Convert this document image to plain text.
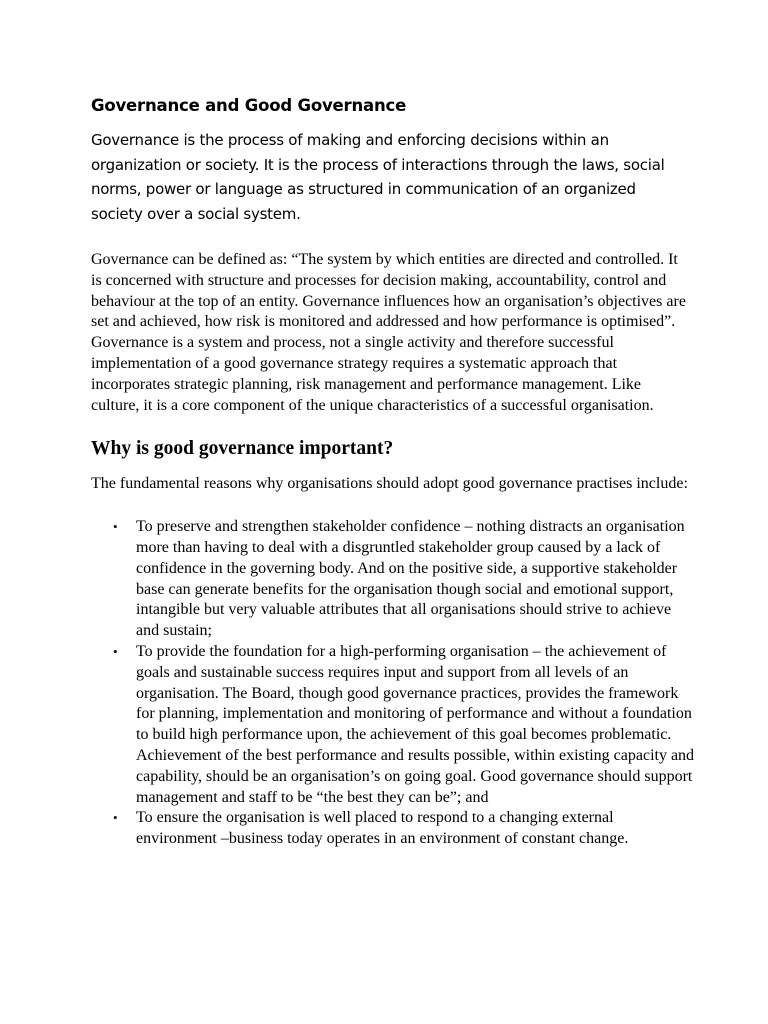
Governance and Good Governance

Governance is the process of making and enforcing decisions within an organization or society. It is the process of interactions through the laws, social norms, power or language as structured in communication of an organized society over a social system.

Governance can be defined as: “The system by which entities are directed and controlled. It is concerned with structure and processes for decision making, accountability, control and behaviour at the top of an entity. Governance influences how an organisation’s objectives are set and achieved, how risk is monitored and addressed and how performance is optimised”. Governance is a system and process, not a single activity and therefore successful implementation of a good governance strategy requires a systematic approach that incorporates strategic planning, risk management and performance management. Like culture, it is a core component of the unique characteristics of a successful organisation.

Why is good governance important?

The fundamental reasons why organisations should adopt good governance practises include:

• To preserve and strengthen stakeholder confidence – nothing distracts an organisation more than having to deal with a disgruntled stakeholder group caused by a lack of confidence in the governing body. And on the positive side, a supportive stakeholder base can generate benefits for the organisation though social and emotional support, intangible but very valuable attributes that all organisations should strive to achieve and sustain;
• To provide the foundation for a high-performing organisation – the achievement of goals and sustainable success requires input and support from all levels of an organisation. The Board, though good governance practices, provides the framework for planning, implementation and monitoring of performance and without a foundation to build high performance upon, the achievement of this goal becomes problematic. Achievement of the best performance and results possible, within existing capacity and capability, should be an organisation’s on going goal. Good governance should support management and staff to be “the best they can be”; and
• To ensure the organisation is well placed to respond to a changing external environment –business today operates in an environment of constant change.
